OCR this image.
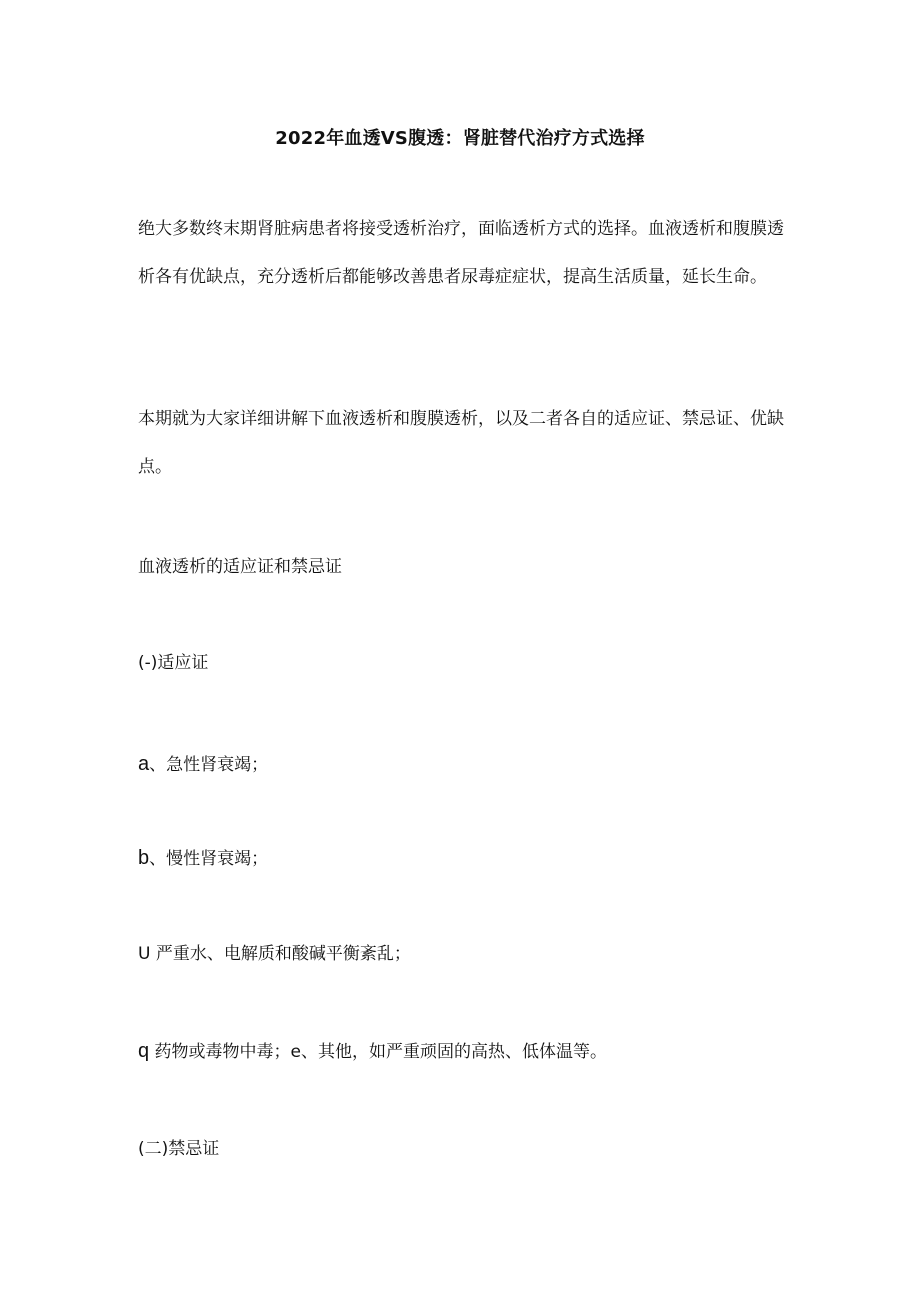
2022年血透VS腹透：肾脏替代治疗方式选择

绝大多数终末期肾脏病患者将接受透析治疗，面临透析方式的选择。血液透析和腹膜透析各有优缺点，充分透析后都能够改善患者尿毒症症状，提高生活质量，延长生命。

本期就为大家详细讲解下血液透析和腹膜透析，以及二者各自的适应证、禁忌证、优缺点。

血液透析的适应证和禁忌证
(-)适应证
a、急性肾衰竭；
b、慢性肾衰竭；
U 严重水、电解质和酸碱平衡紊乱；
q 药物或毒物中毒；e、其他，如严重顽固的高热、低体温等。
(二)禁忌证
